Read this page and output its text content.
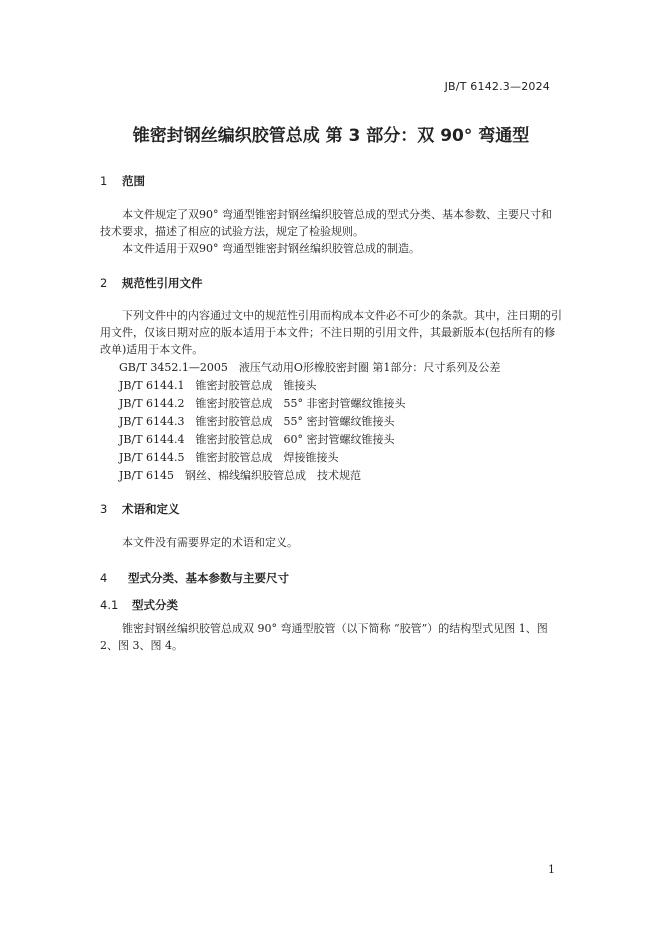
JB/T 6142.3—2024
锥密封钢丝编织胶管总成 第 3 部分：双 90° 弯通型
1 范围
本文件规定了双90° 弯通型锥密封钢丝编织胶管总成的型式分类、基本参数、主要尺寸和技术要求，描述了相应的试验方法，规定了检验规则。
本文件适用于双90° 弯通型锥密封钢丝编织胶管总成的制造。
2 规范性引用文件
下列文件中的内容通过文中的规范性引用而构成本文件必不可少的条款。其中，注日期的引用文件，仅该日期对应的版本适用于本文件；不注日期的引用文件，其最新版本(包括所有的修改单)适用于本文件。
GB/T 3452.1—2005　液压气动用O形橡胶密封圈 第1部分：尺寸系列及公差
JB/T 6144.1　锥密封胶管总成　锥接头
JB/T 6144.2　锥密封胶管总成　55° 非密封管螺纹锥接头
JB/T 6144.3　锥密封胶管总成　55° 密封管螺纹锥接头
JB/T 6144.4　锥密封胶管总成　60° 密封管螺纹锥接头
JB/T 6144.5　锥密封胶管总成　焊接锥接头
JB/T 6145　钢丝、棉线编织胶管总成　技术规范
3 术语和定义
本文件没有需要界定的术语和定义。
4 型式分类、基本参数与主要尺寸
4.1 型式分类
锥密封钢丝编织胶管总成双 90° 弯通型胶管（以下简称 “胶管”）的结构型式见图 1、图 2、图 3、图 4。
1
